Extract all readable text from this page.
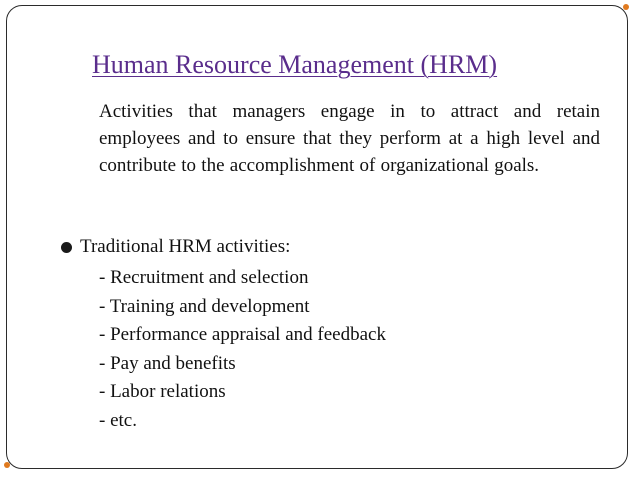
Human Resource Management (HRM)
Activities that managers engage in to attract and retain employees and to ensure that they perform at a high level and contribute to the accomplishment of organizational goals.
Traditional HRM activities:
- Recruitment and selection
- Training and development
- Performance appraisal and feedback
- Pay and benefits
- Labor relations
- etc.
